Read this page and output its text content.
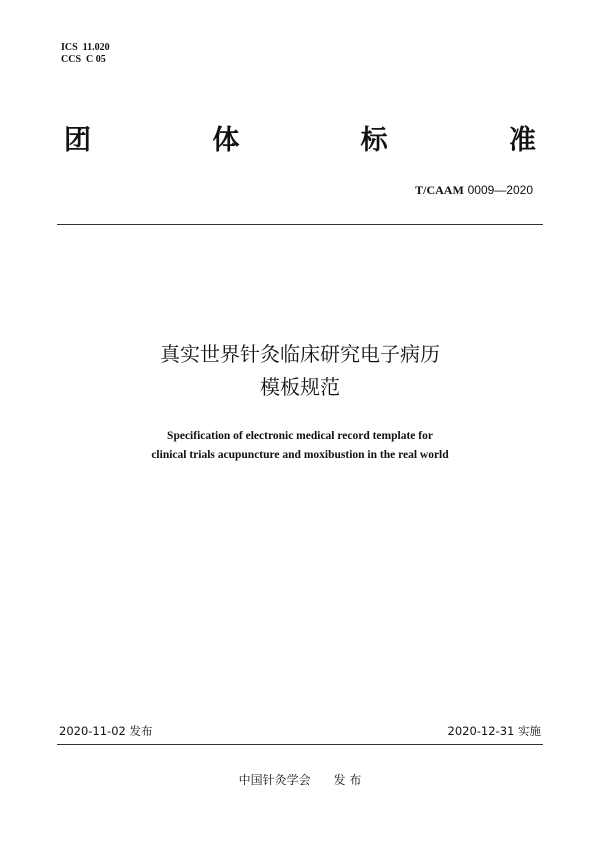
ICS  11.020
CCS  C 05
团	体	标	准
T/CAAM 0009—2020
真实世界针灸临床研究电子病历
模板规范
Specification of electronic medical record template for
clinical trials acupuncture and moxibustion in the real world
2020-11-02 发布	2020-12-31 实施
中国针灸学会 发 布
